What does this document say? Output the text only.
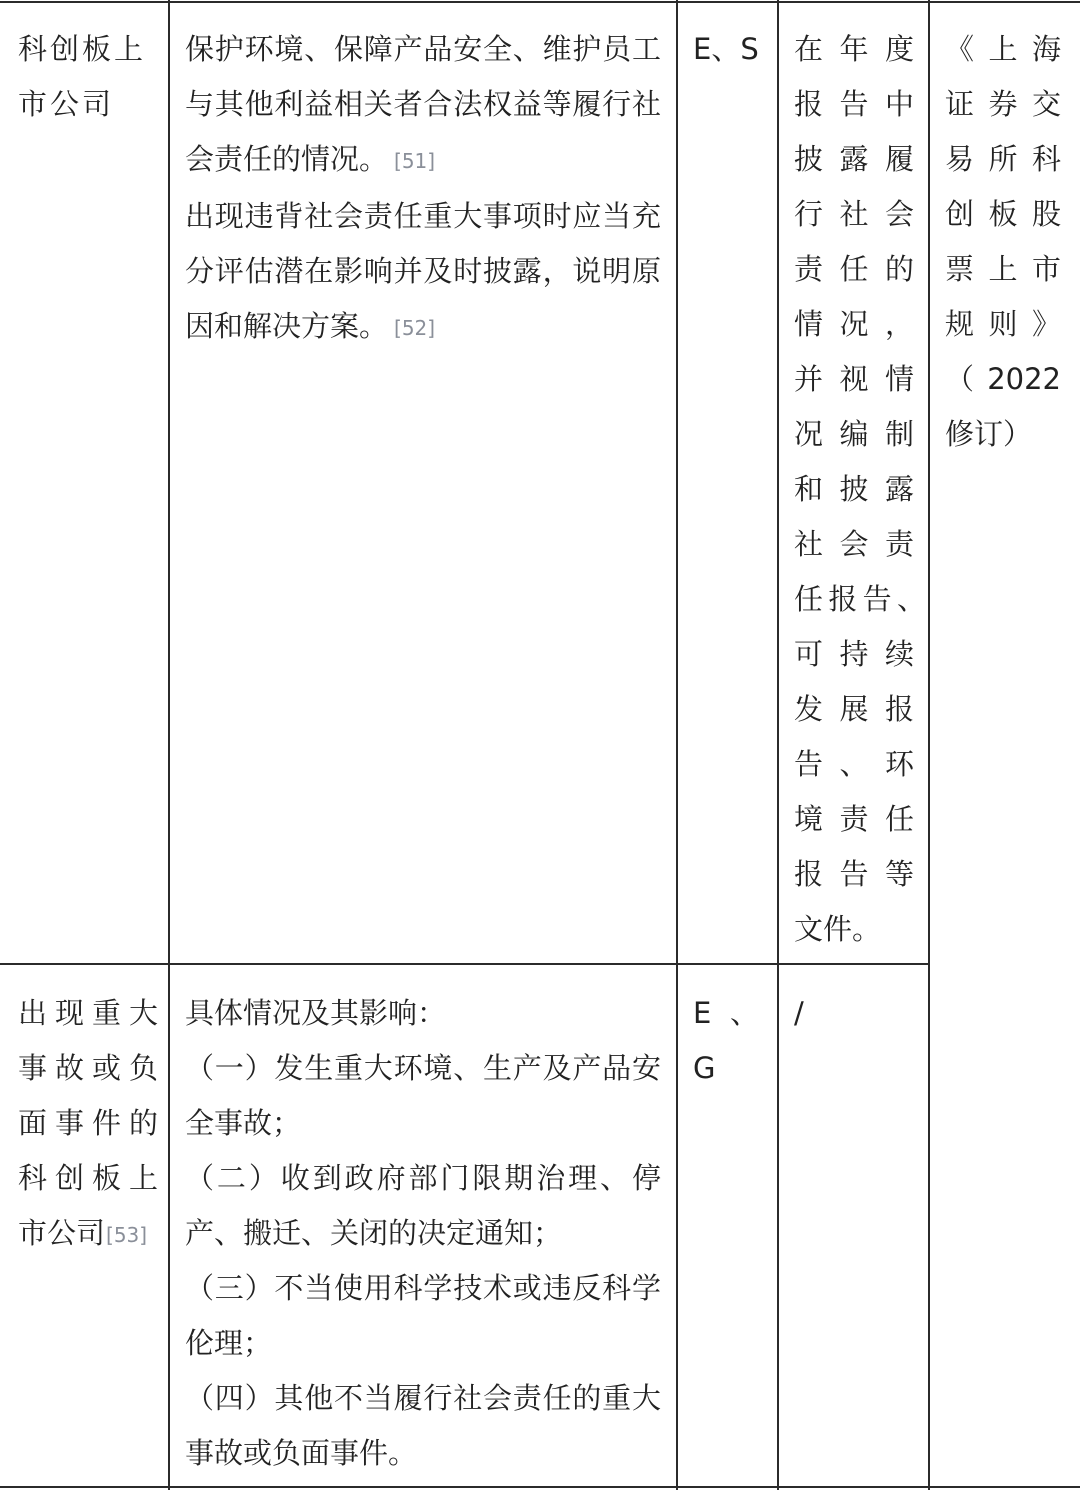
科创板上
市公司
保护环境、保障产品安全、维护员工与其他利益相关者合法权益等履行社会责任的情况。 [51]
出现违背社会责任重大事项时应当充分评估潜在影响并及时披露，说明原因和解决方案。 [52]
E、S 在年度
报告中
披露履
行社会
责任的
情况，
并视情
况编制
和披露
社会责
任报告、
可持续
发展报
告、环
境责任
报告等
文件。
《上海
证券交
易所科
创板股
票上市
规则》
（2022
修订）
出现重大
事故或负
面事件的
科创板上
市公司[53]
具体情况及其影响：
（一）发生重大环境、生产及产品安全事故；
（二）收到政府部门限期治理、停产、搬迁、关闭的决定通知；
（三）不当使用科学技术或违反科学伦理；
（四）其他不当履行社会责任的重大事故或负面事件。
E、
G
/
